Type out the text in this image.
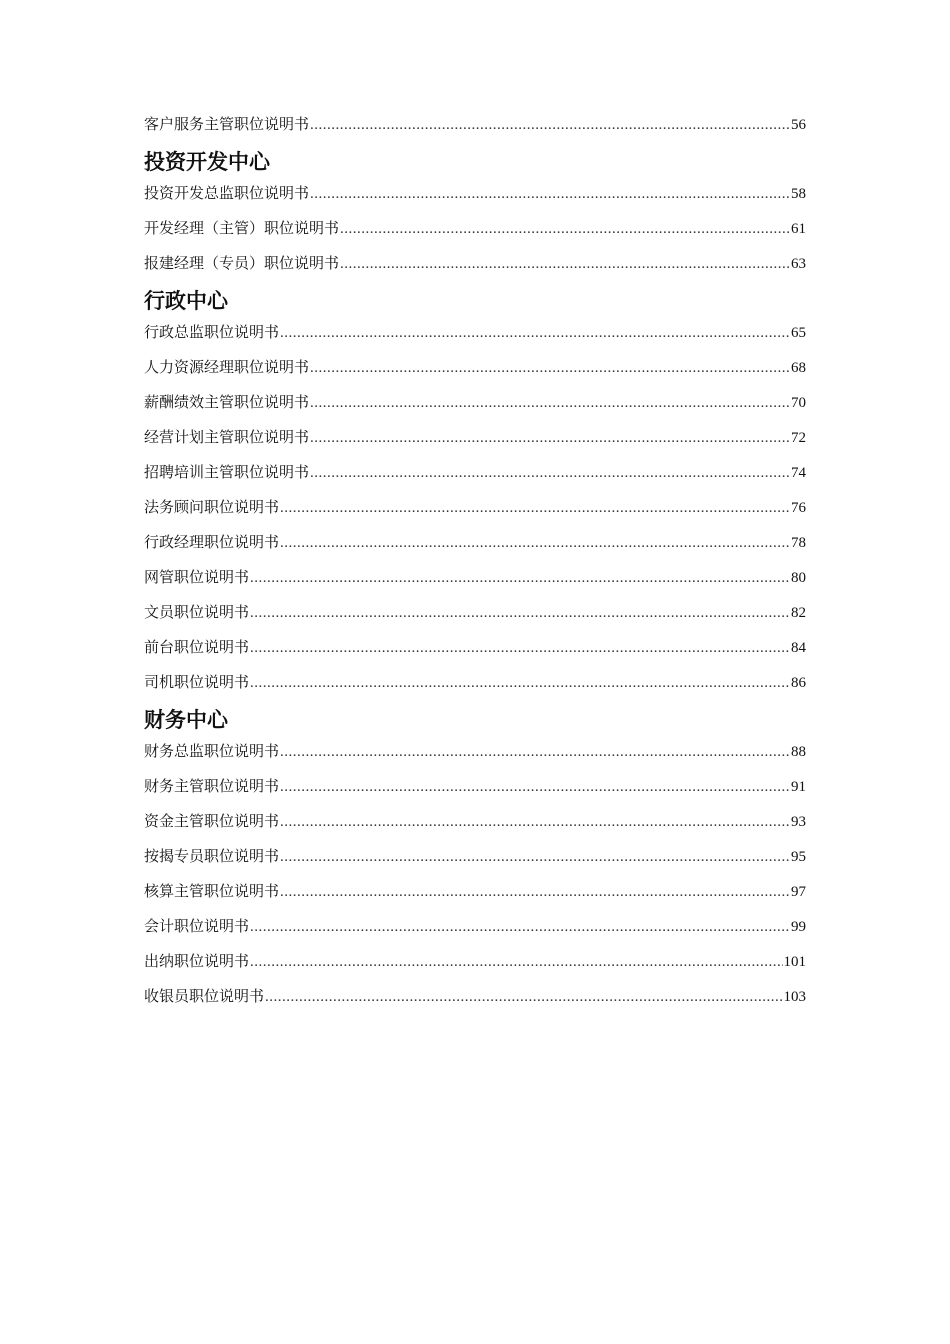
客户服务主管职位说明书 .....	56
投资开发中心
投资开发总监职位说明书 .....	58
开发经理（主管）职位说明书 .....	61
报建经理（专员）职位说明书 .....	63
行政中心
行政总监职位说明书 .....	65
人力资源经理职位说明书 .....	68
薪酬绩效主管职位说明书 .....	70
经营计划主管职位说明书 .....	72
招聘培训主管职位说明书 .....	74
法务顾问职位说明书 .....	76
行政经理职位说明书 .....	78
网管职位说明书 .....	80
文员职位说明书 .....	82
前台职位说明书 .....	84
司机职位说明书 .....	86
财务中心
财务总监职位说明书 .....	88
财务主管职位说明书 .....	91
资金主管职位说明书 .....	93
按揭专员职位说明书 .....	95
核算主管职位说明书 .....	97
会计职位说明书 .....	99
出纳职位说明书 .....	101
收银员职位说明书 .....	103
